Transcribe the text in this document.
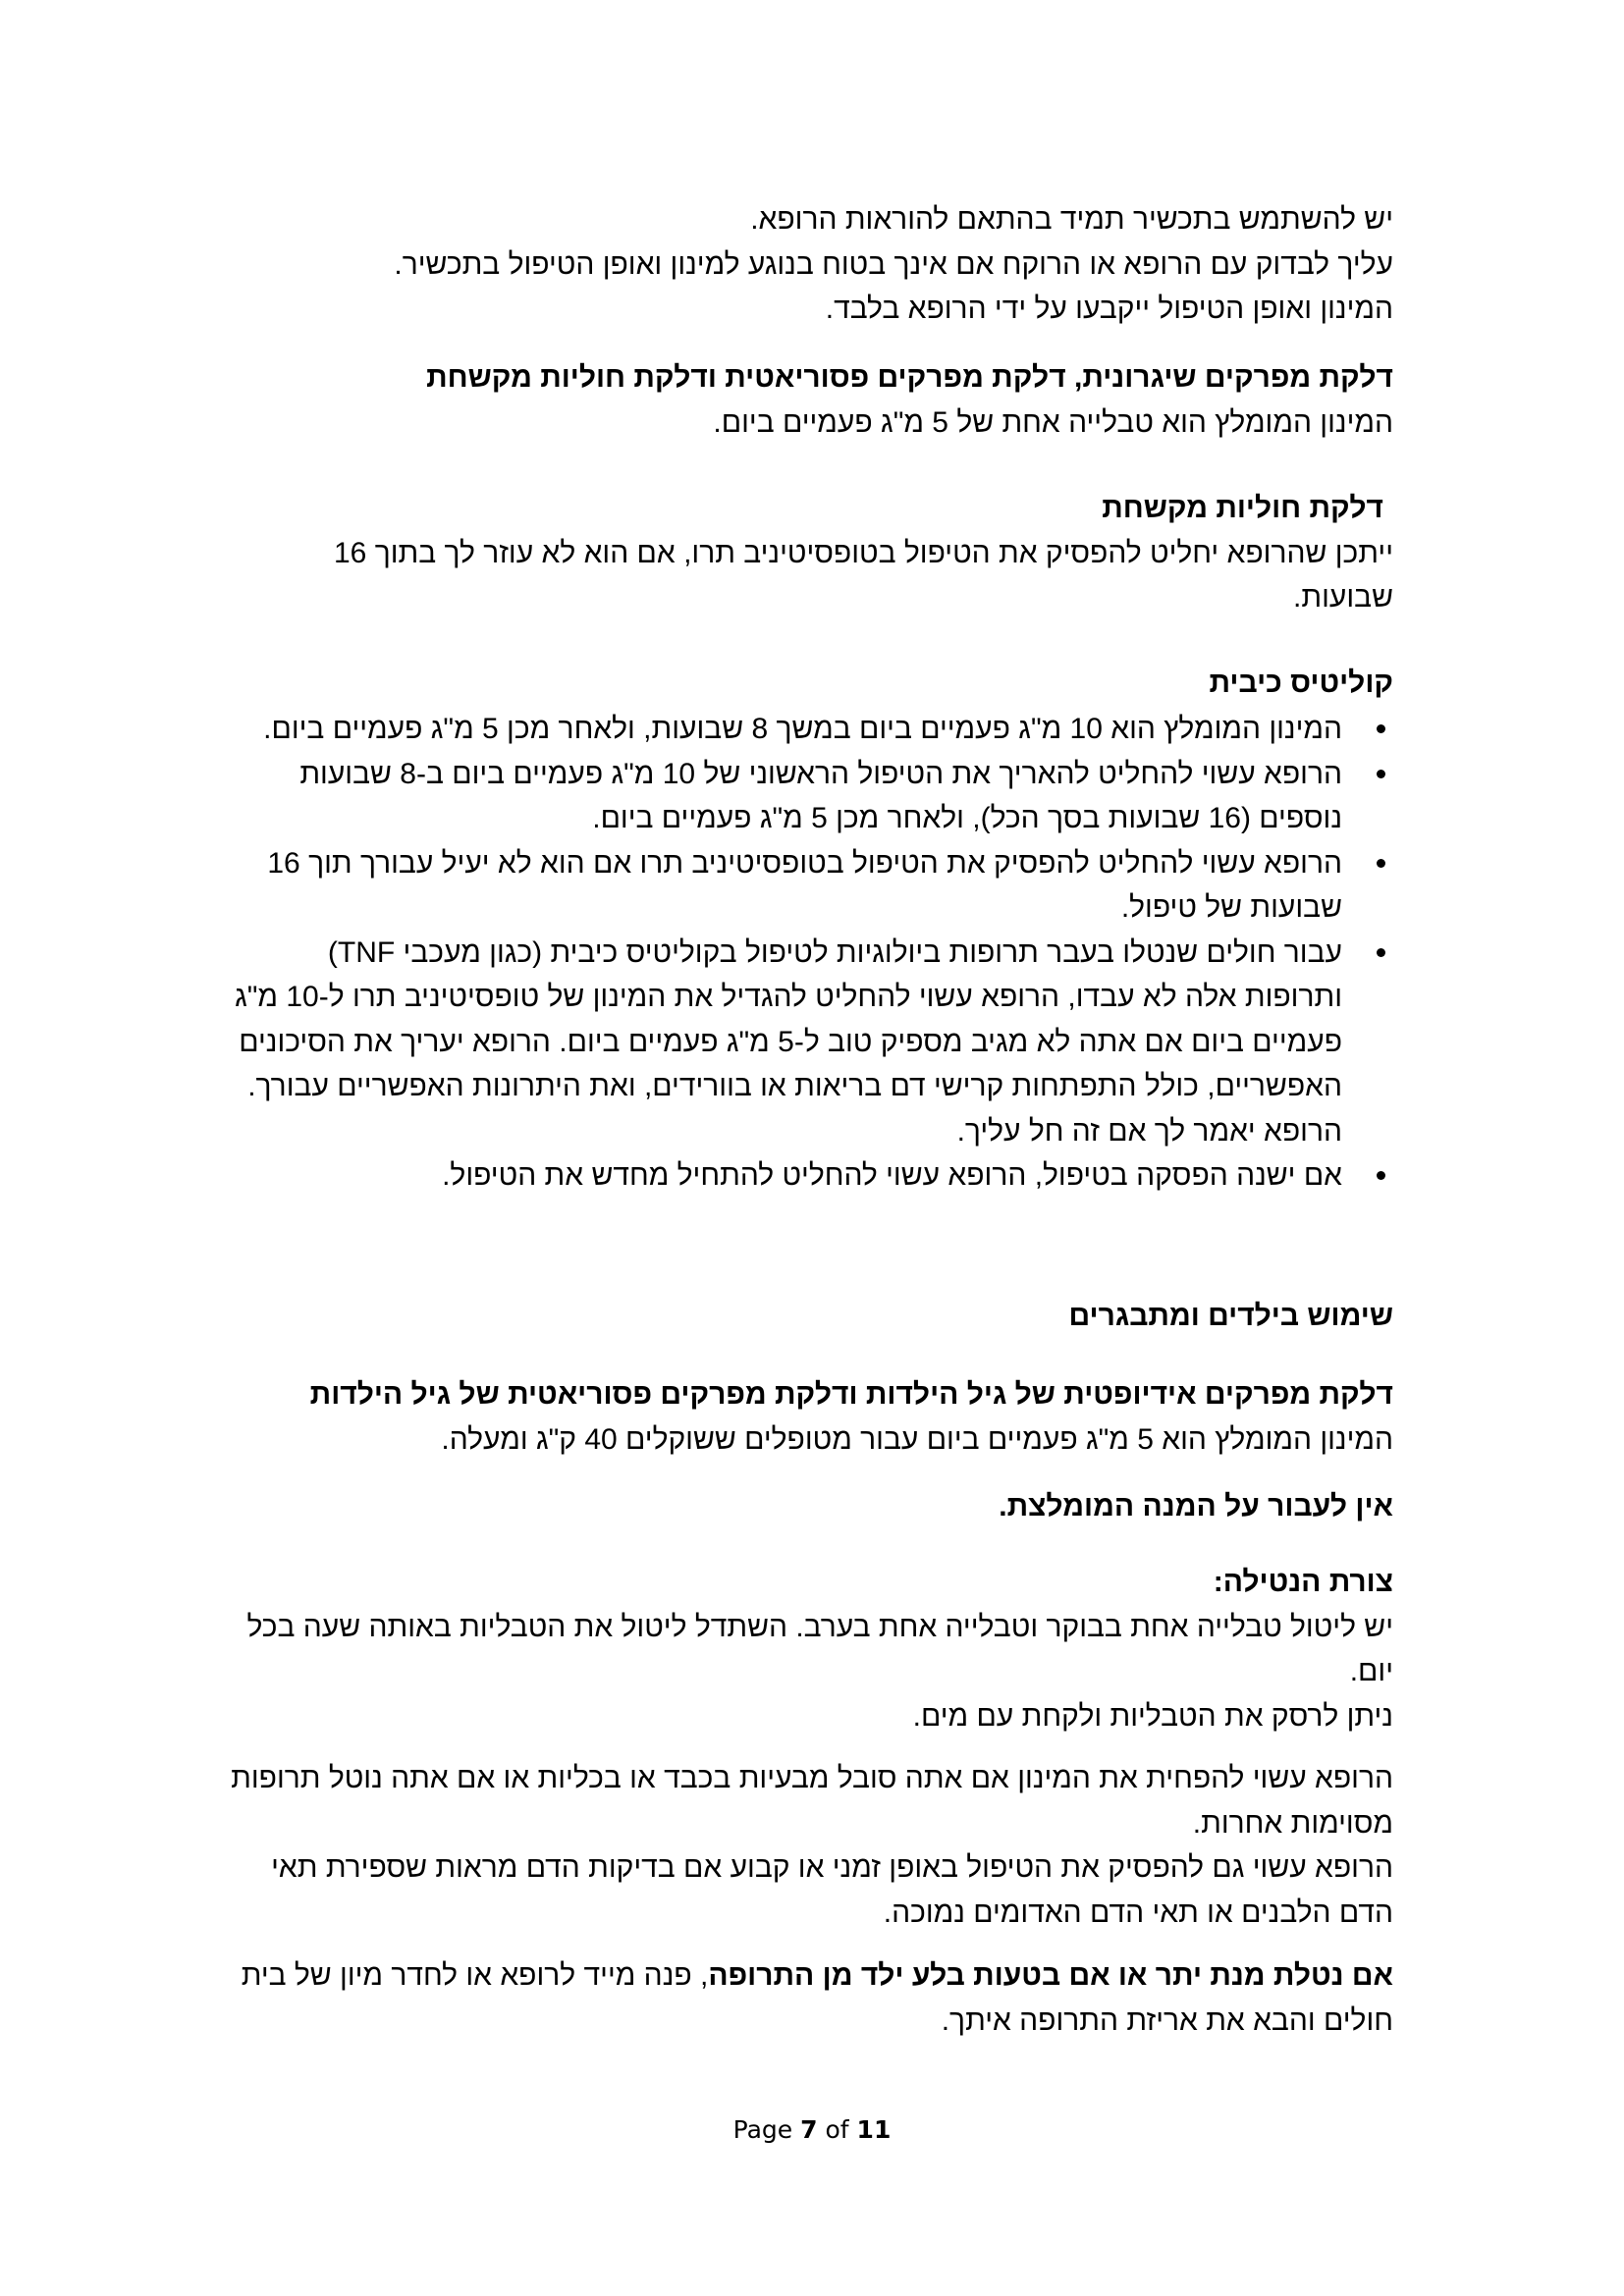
יש להשתמש בתכשיר תמיד בהתאם להוראות הרופא.
עליך לבדוק עם הרופא או הרוקח אם אינך בטוח בנוגע למינון ואופן הטיפול בתכשיר.
המינון ואופן הטיפול ייקבעו על ידי הרופא בלבד.
דלקת מפרקים שיגרונית, דלקת מפרקים פסוריאטית ודלקת חוליות מקשחת
המינון המומלץ הוא טבלייה אחת של 5 מ"ג פעמיים ביום.
דלקת חוליות מקשחת
ייתכן שהרופא יחליט להפסיק את הטיפול בטופסיטיניב תרו, אם הוא לא עוזר לך בתוך 16
שבועות.
קוליטיס כיבית
המינון המומלץ הוא 10 מ"ג פעמיים ביום במשך 8 שבועות, ולאחר מכן 5 מ"ג פעמיים ביום.
הרופא עשוי להחליט להאריך את הטיפול הראשוני של 10 מ"ג פעמיים ביום ב-8 שבועות
נוספים (16 שבועות בסך הכל), ולאחר מכן 5 מ"ג פעמיים ביום.
הרופא עשוי להחליט להפסיק את הטיפול בטופסיטיניב תרו אם הוא לא יעיל עבורך תוך 16
שבועות של טיפול.
עבור חולים שנטלו בעבר תרופות ביולוגיות לטיפול בקוליטיס כיבית (כגון מעכבי TNF)
ותרופות אלה לא עבדו, הרופא עשוי להחליט להגדיל את המינון של טופסיטיניב תרו ל-10 מ"ג
פעמיים ביום אם אתה לא מגיב מספיק טוב ל-5 מ"ג פעמיים ביום. הרופא יעריך את הסיכונים
האפשריים, כולל התפתחות קרישי דם בריאות או בוורידים, ואת היתרונות האפשריים עבורך.
הרופא יאמר לך אם זה חל עליך.
אם ישנה הפסקה בטיפול, הרופא עשוי להחליט להתחיל מחדש את הטיפול.
שימוש בילדים ומתבגרים
דלקת מפרקים אידיופטית של גיל הילדות ודלקת מפרקים פסוריאטית של גיל הילדות
המינון המומלץ הוא 5 מ"ג פעמיים ביום עבור מטופלים ששוקלים 40 ק"ג ומעלה.
אין לעבור על המנה המומלצת.
צורת הנטילה:
יש ליטול טבלייה אחת בבוקר וטבלייה אחת בערב. השתדל ליטול את הטבליות באותה שעה בכל
יום.
ניתן לרסק את הטבליות ולקחת עם מים.
הרופא עשוי להפחית את המינון אם אתה סובל מבעיות בכבד או בכליות או אם אתה נוטל תרופות
מסוימות אחרות.
הרופא עשוי גם להפסיק את הטיפול באופן זמני או קבוע אם בדיקות הדם מראות שספירת תאי
הדם הלבנים או תאי הדם האדומים נמוכה.
אם נטלת מנת יתר או אם בטעות בלע ילד מן התרופה, פנה מייד לרופא או לחדר מיון של בית
חולים והבא את אריזת התרופה איתך.
Page 7 of 11
